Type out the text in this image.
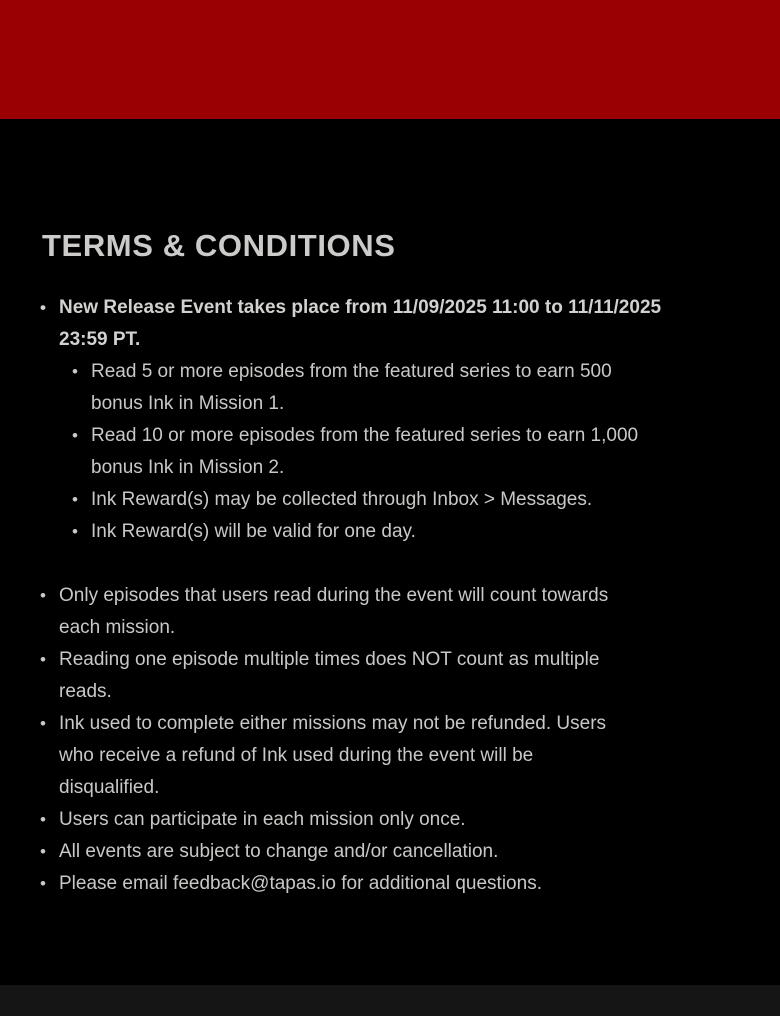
TERMS & CONDITIONS
• New Release Event takes place from 11/09/2025 11:00 to 11/11/2025 23:59 PT.
• Read 5 or more episodes from the featured series to earn 500 bonus Ink in Mission 1.
• Read 10 or more episodes from the featured series to earn 1,000 bonus Ink in Mission 2.
• Ink Reward(s) may be collected through Inbox > Messages.
• Ink Reward(s) will be valid for one day.
• Only episodes that users read during the event will count towards each mission.
• Reading one episode multiple times does NOT count as multiple reads.
• Ink used to complete either missions may not be refunded. Users who receive a refund of Ink used during the event will be disqualified.
• Users can participate in each mission only once.
• All events are subject to change and/or cancellation.
• Please email feedback@tapas.io for additional questions.
